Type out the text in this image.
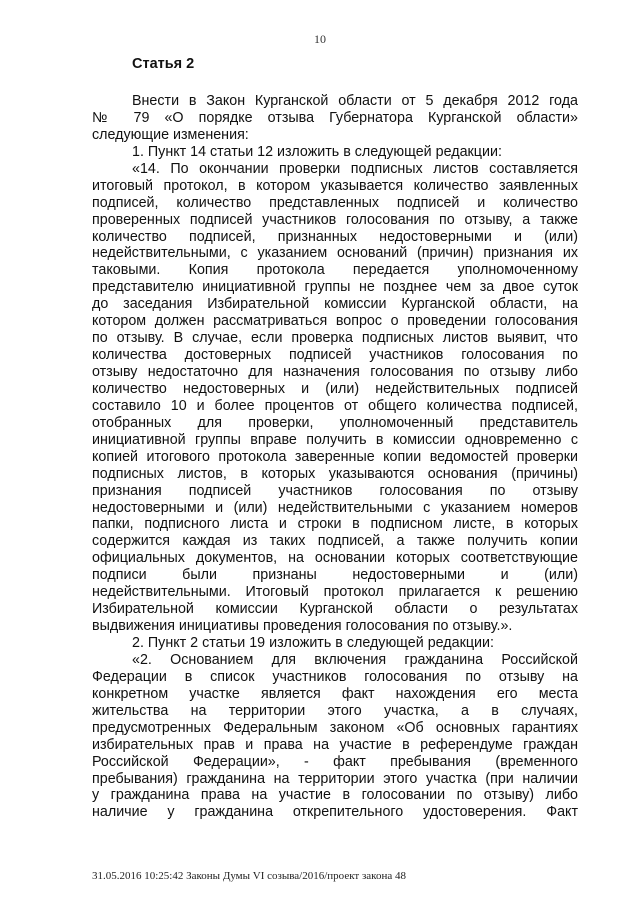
10
Статья 2
Внести в Закон Курганской области от 5 декабря 2012 года
№ 79 «О порядке отзыва Губернатора Курганской области»
следующие изменения:
1. Пункт 14 статьи 12 изложить в следующей редакции:
«14. По окончании проверки подписных листов составляется
итоговый протокол, в котором указывается количество заявленных
подписей, количество представленных подписей и количество
проверенных подписей участников голосования по отзыву, а также
количество подписей, признанных недостоверными и (или)
недействительными, с указанием оснований (причин) признания их
таковыми. Копия протокола передается уполномоченному
представителю инициативной группы не позднее чем за двое суток
до заседания Избирательной комиссии Курганской области, на
котором должен рассматриваться вопрос о проведении голосования
по отзыву. В случае, если проверка подписных листов выявит, что
количества достоверных подписей участников голосования по
отзыву недостаточно для назначения голосования по отзыву либо
количество недостоверных и (или) недействительных подписей
составило 10 и более процентов от общего количества подписей,
отобранных для проверки, уполномоченный представитель
инициативной группы вправе получить в комиссии одновременно с
копией итогового протокола заверенные копии ведомостей проверки
подписных листов, в которых указываются основания (причины)
признания подписей участников голосования по отзыву
недостоверными и (или) недействительными с указанием номеров
папки, подписного листа и строки в подписном листе, в которых
содержится каждая из таких подписей, а также получить копии
официальных документов, на основании которых соответствующие
подписи были признаны недостоверными и (или)
недействительными. Итоговый протокол прилагается к решению
Избирательной комиссии Курганской области о результатах
выдвижения инициативы проведения голосования по отзыву.».
2. Пункт 2 статьи 19 изложить в следующей редакции:
«2. Основанием для включения гражданина Российской
Федерации в список участников голосования по отзыву на
конкретном участке является факт нахождения его места
жительства на территории этого участка, а в случаях,
предусмотренных Федеральным законом «Об основных гарантиях
избирательных прав и права на участие в референдуме граждан
Российской Федерации», - факт пребывания (временного
пребывания) гражданина на территории этого участка (при наличии
у гражданина права на участие в голосовании по отзыву) либо
наличие у гражданина открепительного удостоверения. Факт
31.05.2016 10:25:42 Законы Думы VI созыва/2016/проект закона 48
